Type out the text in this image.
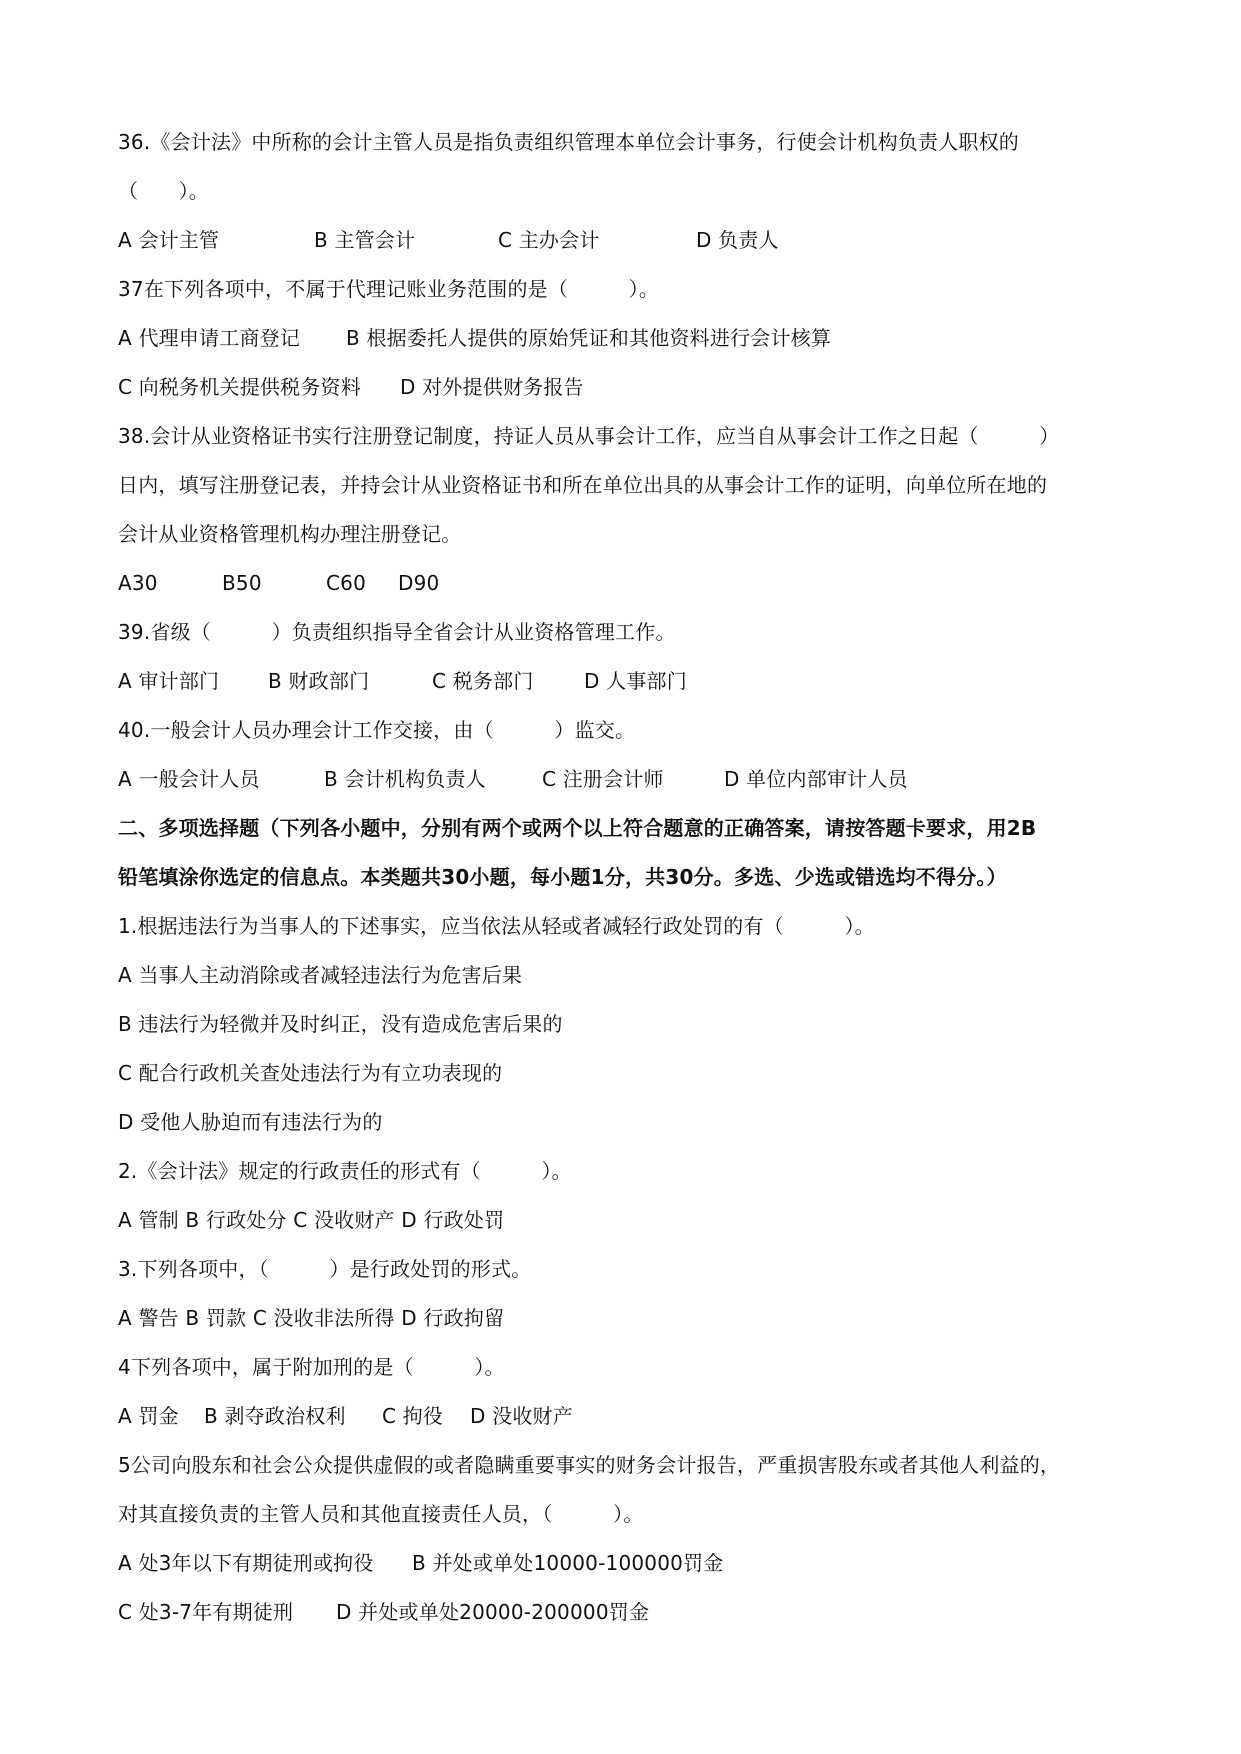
36.《会计法》中所称的会计主管人员是指负责组织管理本单位会计事务，行使会计机构负责人职权的
（　　）。
A 会计主管	B 主管会计	C 主办会计	D 负责人
37在下列各项中，不属于代理记账业务范围的是（　　　）。
A 代理申请工商登记 B 根据委托人提供的原始凭证和其他资料进行会计核算
C 向税务机关提供税务资料 D 对外提供财务报告
38.会计从业资格证书实行注册登记制度，持证人员从事会计工作，应当自从事会计工作之日起（　　　）
日内，填写注册登记表，并持会计从业资格证书和所在单位出具的从事会计工作的证明，向单位所在地的
会计从业资格管理机构办理注册登记。
A30	B50	C60 D90
39.省级（　　　）负责组织指导全省会计从业资格管理工作。
A 审计部门 B 财政部门	C 税务部门	D 人事部门
40.一般会计人员办理会计工作交接，由（　　　）监交。
A 一般会计人员	B 会计机构负责人	C 注册会计师	D 单位内部审计人员
二、多项选择题（下列各小题中，分别有两个或两个以上符合题意的正确答案，请按答题卡要求，用2B
铅笔填涂你选定的信息点。本类题共30小题，每小题1分，共30分。多选、少选或错选均不得分。）
1.根据违法行为当事人的下述事实，应当依法从轻或者减轻行政处罚的有（　　　）。
A 当事人主动消除或者减轻违法行为危害后果
B 违法行为轻微并及时纠正，没有造成危害后果的
C 配合行政机关查处违法行为有立功表现的
D 受他人胁迫而有违法行为的
2.《会计法》规定的行政责任的形式有（　　　）。
A 管制 B 行政处分 C 没收财产 D 行政处罚
3.下列各项中，（　　　）是行政处罚的形式。
A 警告 B 罚款 C 没收非法所得 D 行政拘留
4下列各项中，属于附加刑的是（　　　）。
A 罚金 B 剥夺政治权利 C 拘役 D 没收财产
5公司向股东和社会公众提供虚假的或者隐瞒重要事实的财务会计报告，严重损害股东或者其他人利益的，
对其直接负责的主管人员和其他直接责任人员，（　　　）。
A 处3年以下有期徒刑或拘役 B 并处或单处10000-100000罚金
C 处3-7年有期徒刑 D 并处或单处20000-200000罚金
